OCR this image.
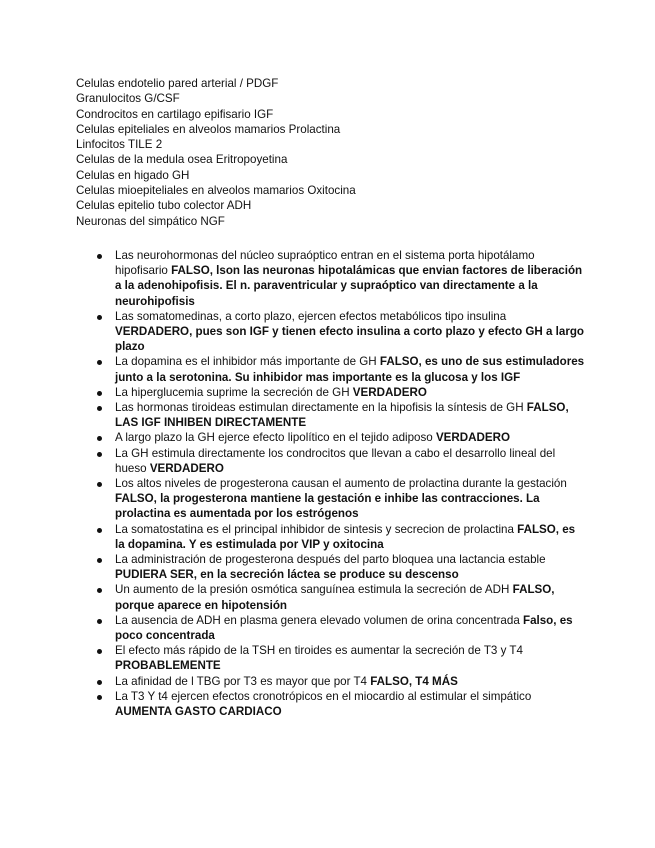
Celulas endotelio pared arterial / PDGF
Granulocitos G/CSF
Condrocitos en cartilago epifisario IGF
Celulas epiteliales en alveolos mamarios Prolactina
Linfocitos TILE 2
Celulas de la medula osea Eritropoyetina
Celulas en higado GH
Celulas mioepiteliales en alveolos mamarios Oxitocina
Celulas epitelio tubo colector ADH
Neuronas del simpático NGF
Las neurohormonas del núcleo supraóptico entran en el sistema porta hipotálamo hipofisario FALSO, lson las neuronas hipotalámicas que envian factores de liberación a la adenohipofisis. El n. paraventricular y supraóptico van directamente a la neurohipofisis
Las somatomedinas, a corto plazo, ejercen efectos metabólicos tipo insulina VERDADERO, pues son IGF y tienen efecto insulina a corto plazo y efecto GH a largo plazo
La dopamina es el inhibidor más importante de GH FALSO, es uno de sus estimuladores junto a la serotonina. Su inhibidor mas importante es la glucosa y los IGF
La hiperglucemia suprime la secreción de GH VERDADERO
Las hormonas tiroideas estimulan directamente en la hipofisis la síntesis de GH FALSO, LAS IGF INHIBEN DIRECTAMENTE
A largo plazo la GH ejerce efecto lipolítico en el tejido adiposo VERDADERO
La GH estimula directamente los condrocitos que llevan a cabo el desarrollo lineal del hueso VERDADERO
Los altos niveles de progesterona causan el aumento de prolactina durante la gestación FALSO, la progesterona mantiene la gestación e inhibe las contracciones. La prolactina es aumentada por los estrógenos
La somatostatina es el principal inhibidor de sintesis y secrecion de prolactina FALSO, es la dopamina. Y es estimulada por VIP y oxitocina
La administración de progesterona después del parto bloquea una lactancia estable PUDIERA SER, en la secreción láctea se produce su descenso
Un aumento de la presión osmótica sanguínea estimula la secreción de ADH FALSO, porque aparece en hipotensión
La ausencia de ADH en plasma genera elevado volumen de orina concentrada Falso, es poco concentrada
El efecto más rápido de la TSH en tiroides es aumentar la secreción de T3 y T4 PROBABLEMENTE
La afinidad de l TBG por T3 es mayor que por T4 FALSO, T4 MÁS
La T3 Y t4 ejercen efectos cronotrópicos en el miocardio al estimular el simpático AUMENTA GASTO CARDIACO
